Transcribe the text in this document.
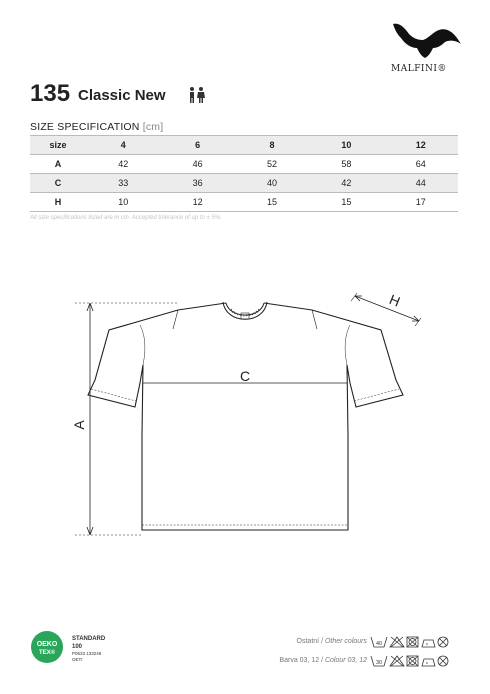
MALFINI®
135 Classic New
SIZE SPECIFICATION [cm]
size	4	6	8	10	12
A	42	46	52	58	64
C	33	36	40	42	44
H	10	12	15	15	17
All size specifications listed are in cm. Accepted tolerance of up to ± 5%.
C
A
H
OEKO
TEX®
STANDARD
100
P0633 133249
OETI
Ostatní / Other colours 40
Barva 03, 12 / Colour 03, 12 30
